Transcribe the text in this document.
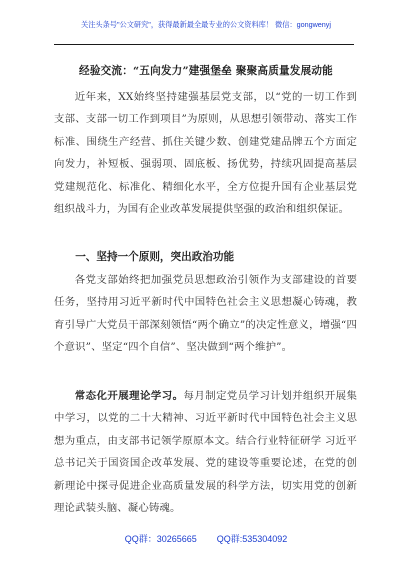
关注头条号"公文研究"，获得最新最全最专业的公文资料库！ 微信：gongwenyj
经验交流：“五向发力”建强堡垒 聚聚高质量发展动能

近年来，XX始终坚持建强基层党支部，以“党的一切工作到支部、支部一切工作到项目”为原则，从思想引领带动、落实工作标准、围绕生产经营、抓住关键少数、创建党建品牌五个方面定向发力，补短板、强弱项、固底板、扬优势，持续巩固提高基层党建规范化、标准化、精细化水平，全方位提升国有企业基层党组织战斗力，为国有企业改革发展提供坚强的政治和组织保证。

一、坚持一个原则，突出政治功能

各党支部始终把加强党员思想政治引领作为支部建设的首要任务，坚持用习近平新时代中国特色社会主义思想凝心铸魂，教育引导广大党员干部深刻领悟“两个确立”的决定性意义，增强“四个意识”、坚定“四个自信”、坚决做到“两个维护”。

常态化开展理论学习。每月制定党员学习计划并组织开展集中学习，以党的二十大精神、习近平新时代中国特色社会主义思想为重点，由支部书记领学原原本文。结合行业特征研学 习近平总书记关于国资国企改革发展、党的建设等重要论述，在党的创新理论中探寻促进企业高质量发展的科学方法，切实用党的创新理论武装头脑、凝心铸魂。

QQ群：30265665 QQ群:535304092
